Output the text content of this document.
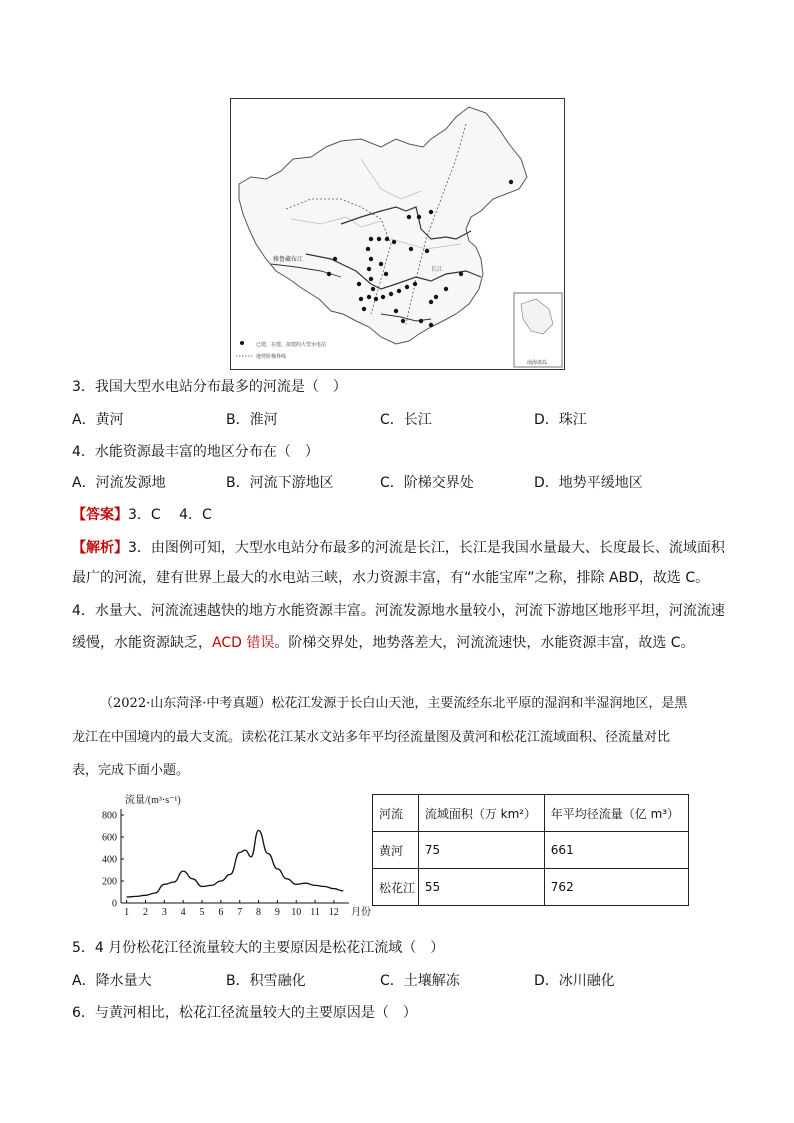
雅鲁藏布江
长江
已建、在建、拟建的大型水电站
地势阶梯界线
南海诸岛
3．我国大型水电站分布最多的河流是（　）
A．黄河	B．淮河	C．长江	D．珠江
4．水能资源最丰富的地区分布在（　）
A．河流发源地	B．河流下游地区	C．阶梯交界处	D．地势平缓地区
【答案】3．C　 4．C
【解析】3．由图例可知，大型水电站分布最多的河流是长江，长江是我国水量最大、长度最长、流域面积
最广的河流，建有世界上最大的水电站三峡，水力资源丰富，有“水能宝库”之称，排除 ABD，故选 C。
4．水量大、河流流速越快的地方水能资源丰富。河流发源地水量较小，河流下游地区地形平坦，河流流速
缓慢，水能资源缺乏，ACD 错误。阶梯交界处，地势落差大，河流流速快，水能资源丰富，故选 C。
（2022·山东菏泽·中考真题）松花江发源于长白山天池，主要流经东北平原的湿润和半湿润地区，是黑
龙江在中国境内的最大支流。读松花江某水文站多年平均径流量图及黄河和松花江流域面积、径流量对比
表，完成下面小题。
流量/(m³·s⁻¹)
月份
0
200
400
600
800
1 2 3 4 5 6 7 8 9 10 11 12
河流	流域面积（万 km²）	年平均径流量（亿 m³）
黄河	75	661
松花江	55	762
5．4 月份松花江径流量较大的主要原因是松花江流域（　）
A．降水量大	B．积雪融化	C．土壤解冻	D．冰川融化
6．与黄河相比，松花江径流量较大的主要原因是（　）
